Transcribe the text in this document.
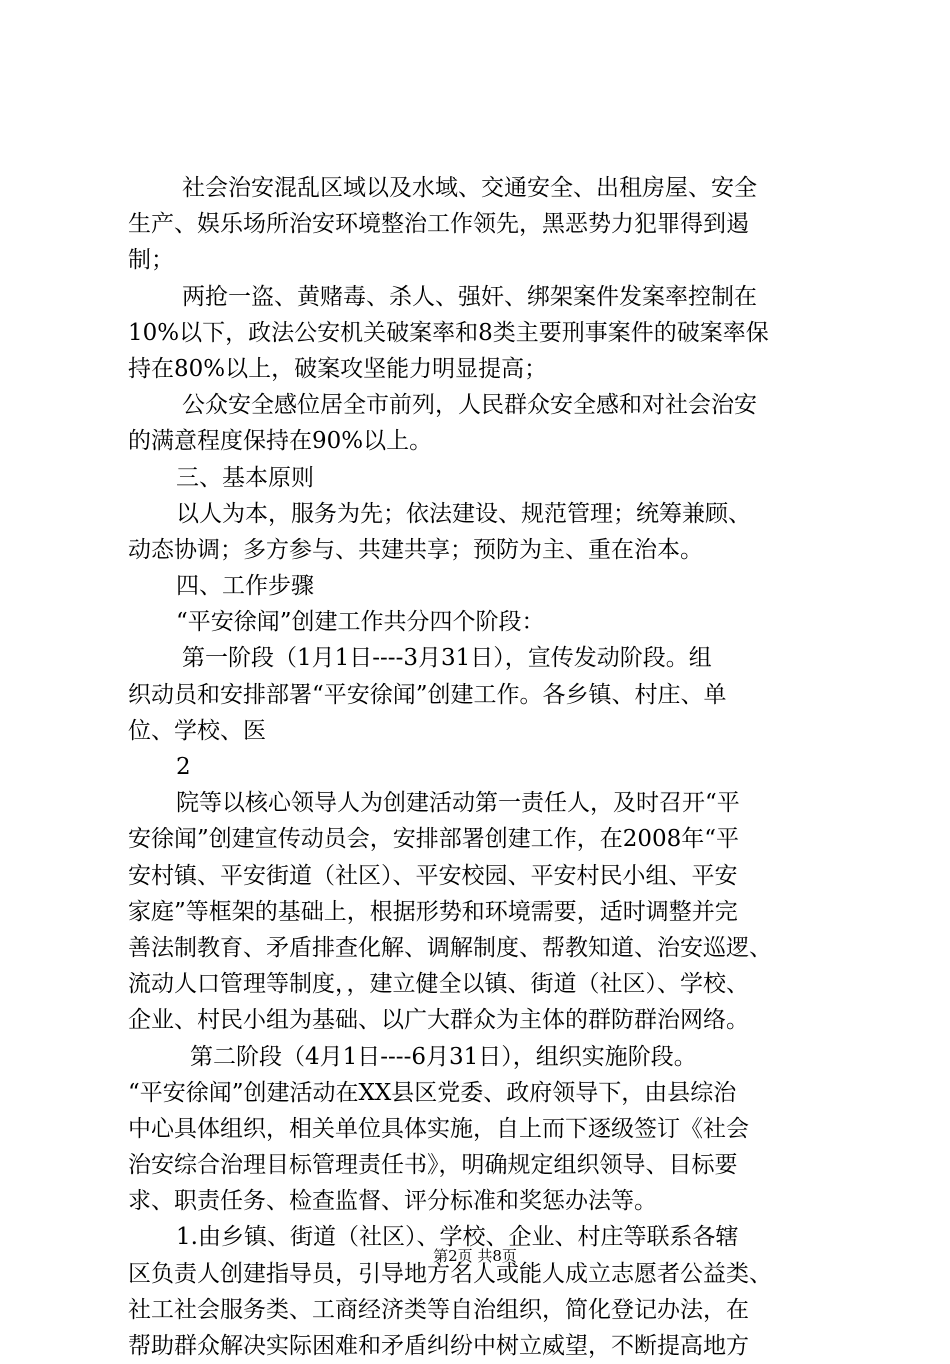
社会治安混乱区域以及水域、交通安全、出租房屋、安全
生产、娱乐场所治安环境整治工作领先，黑恶势力犯罪得到遏
制；
两抢一盗、黄赌毒、杀人、强奸、绑架案件发案率控制在
10%以下，政法公安机关破案率和8类主要刑事案件的破案率保
持在80%以上，破案攻坚能力明显提高；
公众安全感位居全市前列，人民群众安全感和对社会治安
的满意程度保持在90%以上。
三、基本原则
以人为本，服务为先；依法建设、规范管理；统筹兼顾、
动态协调；多方参与、共建共享；预防为主、重在治本。
四、工作步骤
“平安徐闻”创建工作共分四个阶段：
第一阶段（1月1日----3月31日），宣传发动阶段。组
织动员和安排部署“平安徐闻”创建工作。各乡镇、村庄、单
位、学校、医
2
院等以核心领导人为创建活动第一责任人，及时召开“平
安徐闻”创建宣传动员会，安排部署创建工作，在2008年“平
安村镇、平安街道（社区）、平安校园、平安村民小组、平安
家庭”等框架的基础上，根据形势和环境需要，适时调整并完
善法制教育、矛盾排查化解、调解制度、帮教知道、治安巡逻、
流动人口管理等制度，，建立健全以镇、街道（社区）、学校、
企业、村民小组为基础、以广大群众为主体的群防群治网络。
第二阶段（4月1日----6月31日），组织实施阶段。
“平安徐闻”创建活动在XX县区党委、政府领导下，由县综治
中心具体组织，相关单位具体实施，自上而下逐级签订《社会
治安综合治理目标管理责任书》，明确规定组织领导、目标要
求、职责任务、检查监督、评分标准和奖惩办法等。
1.由乡镇、街道（社区）、学校、企业、村庄等联系各辖
区负责人创建指导员，引导地方名人或能人成立志愿者公益类、
社工社会服务类、工商经济类等自治组织，简化登记办法，在
帮助群众解决实际困难和矛盾纠纷中树立威望，不断提高地方
第2页 共8页
